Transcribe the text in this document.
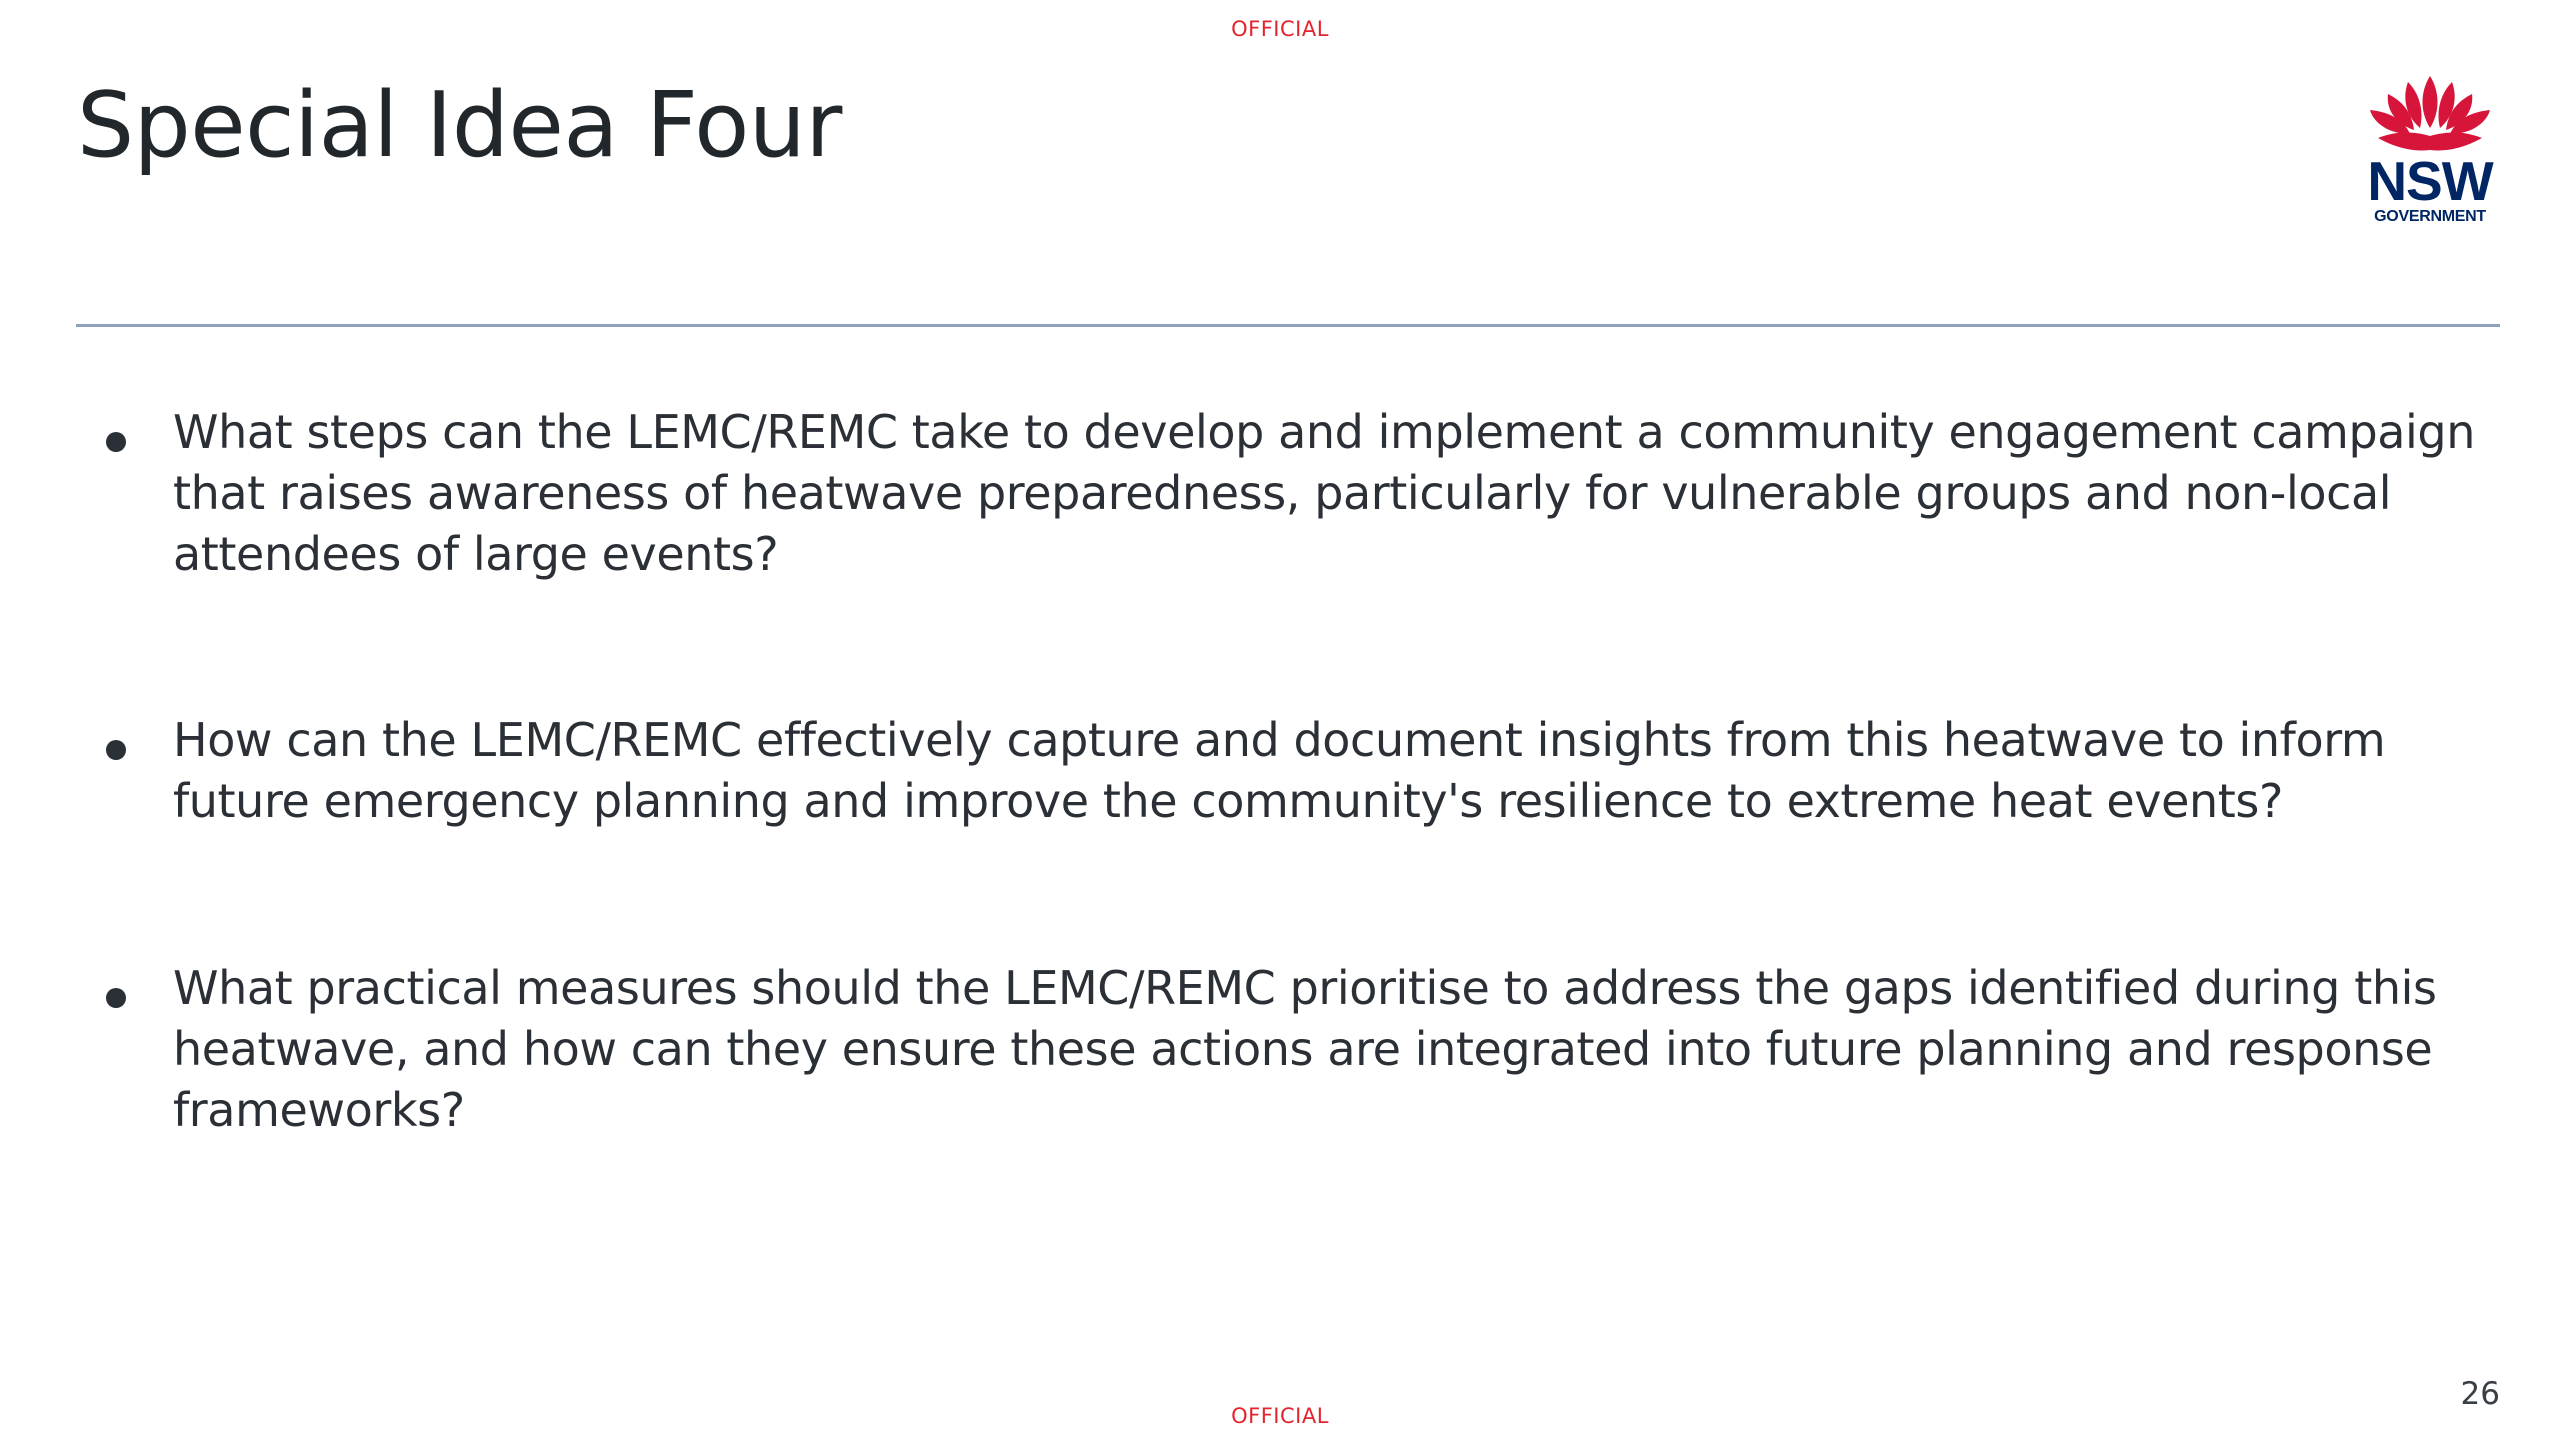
OFFICIAL
Special Idea Four
NSW
GOVERNMENT
What steps can the LEMC/REMC take to develop and implement a community engagement campaign that raises awareness of heatwave preparedness, particularly for vulnerable groups and non-local attendees of large events?
How can the LEMC/REMC effectively capture and document insights from this heatwave to inform future emergency planning and improve the community's resilience to extreme heat events?
What practical measures should the LEMC/REMC prioritise to address the gaps identified during this heatwave, and how can they ensure these actions are integrated into future planning and response frameworks?
26
OFFICIAL
